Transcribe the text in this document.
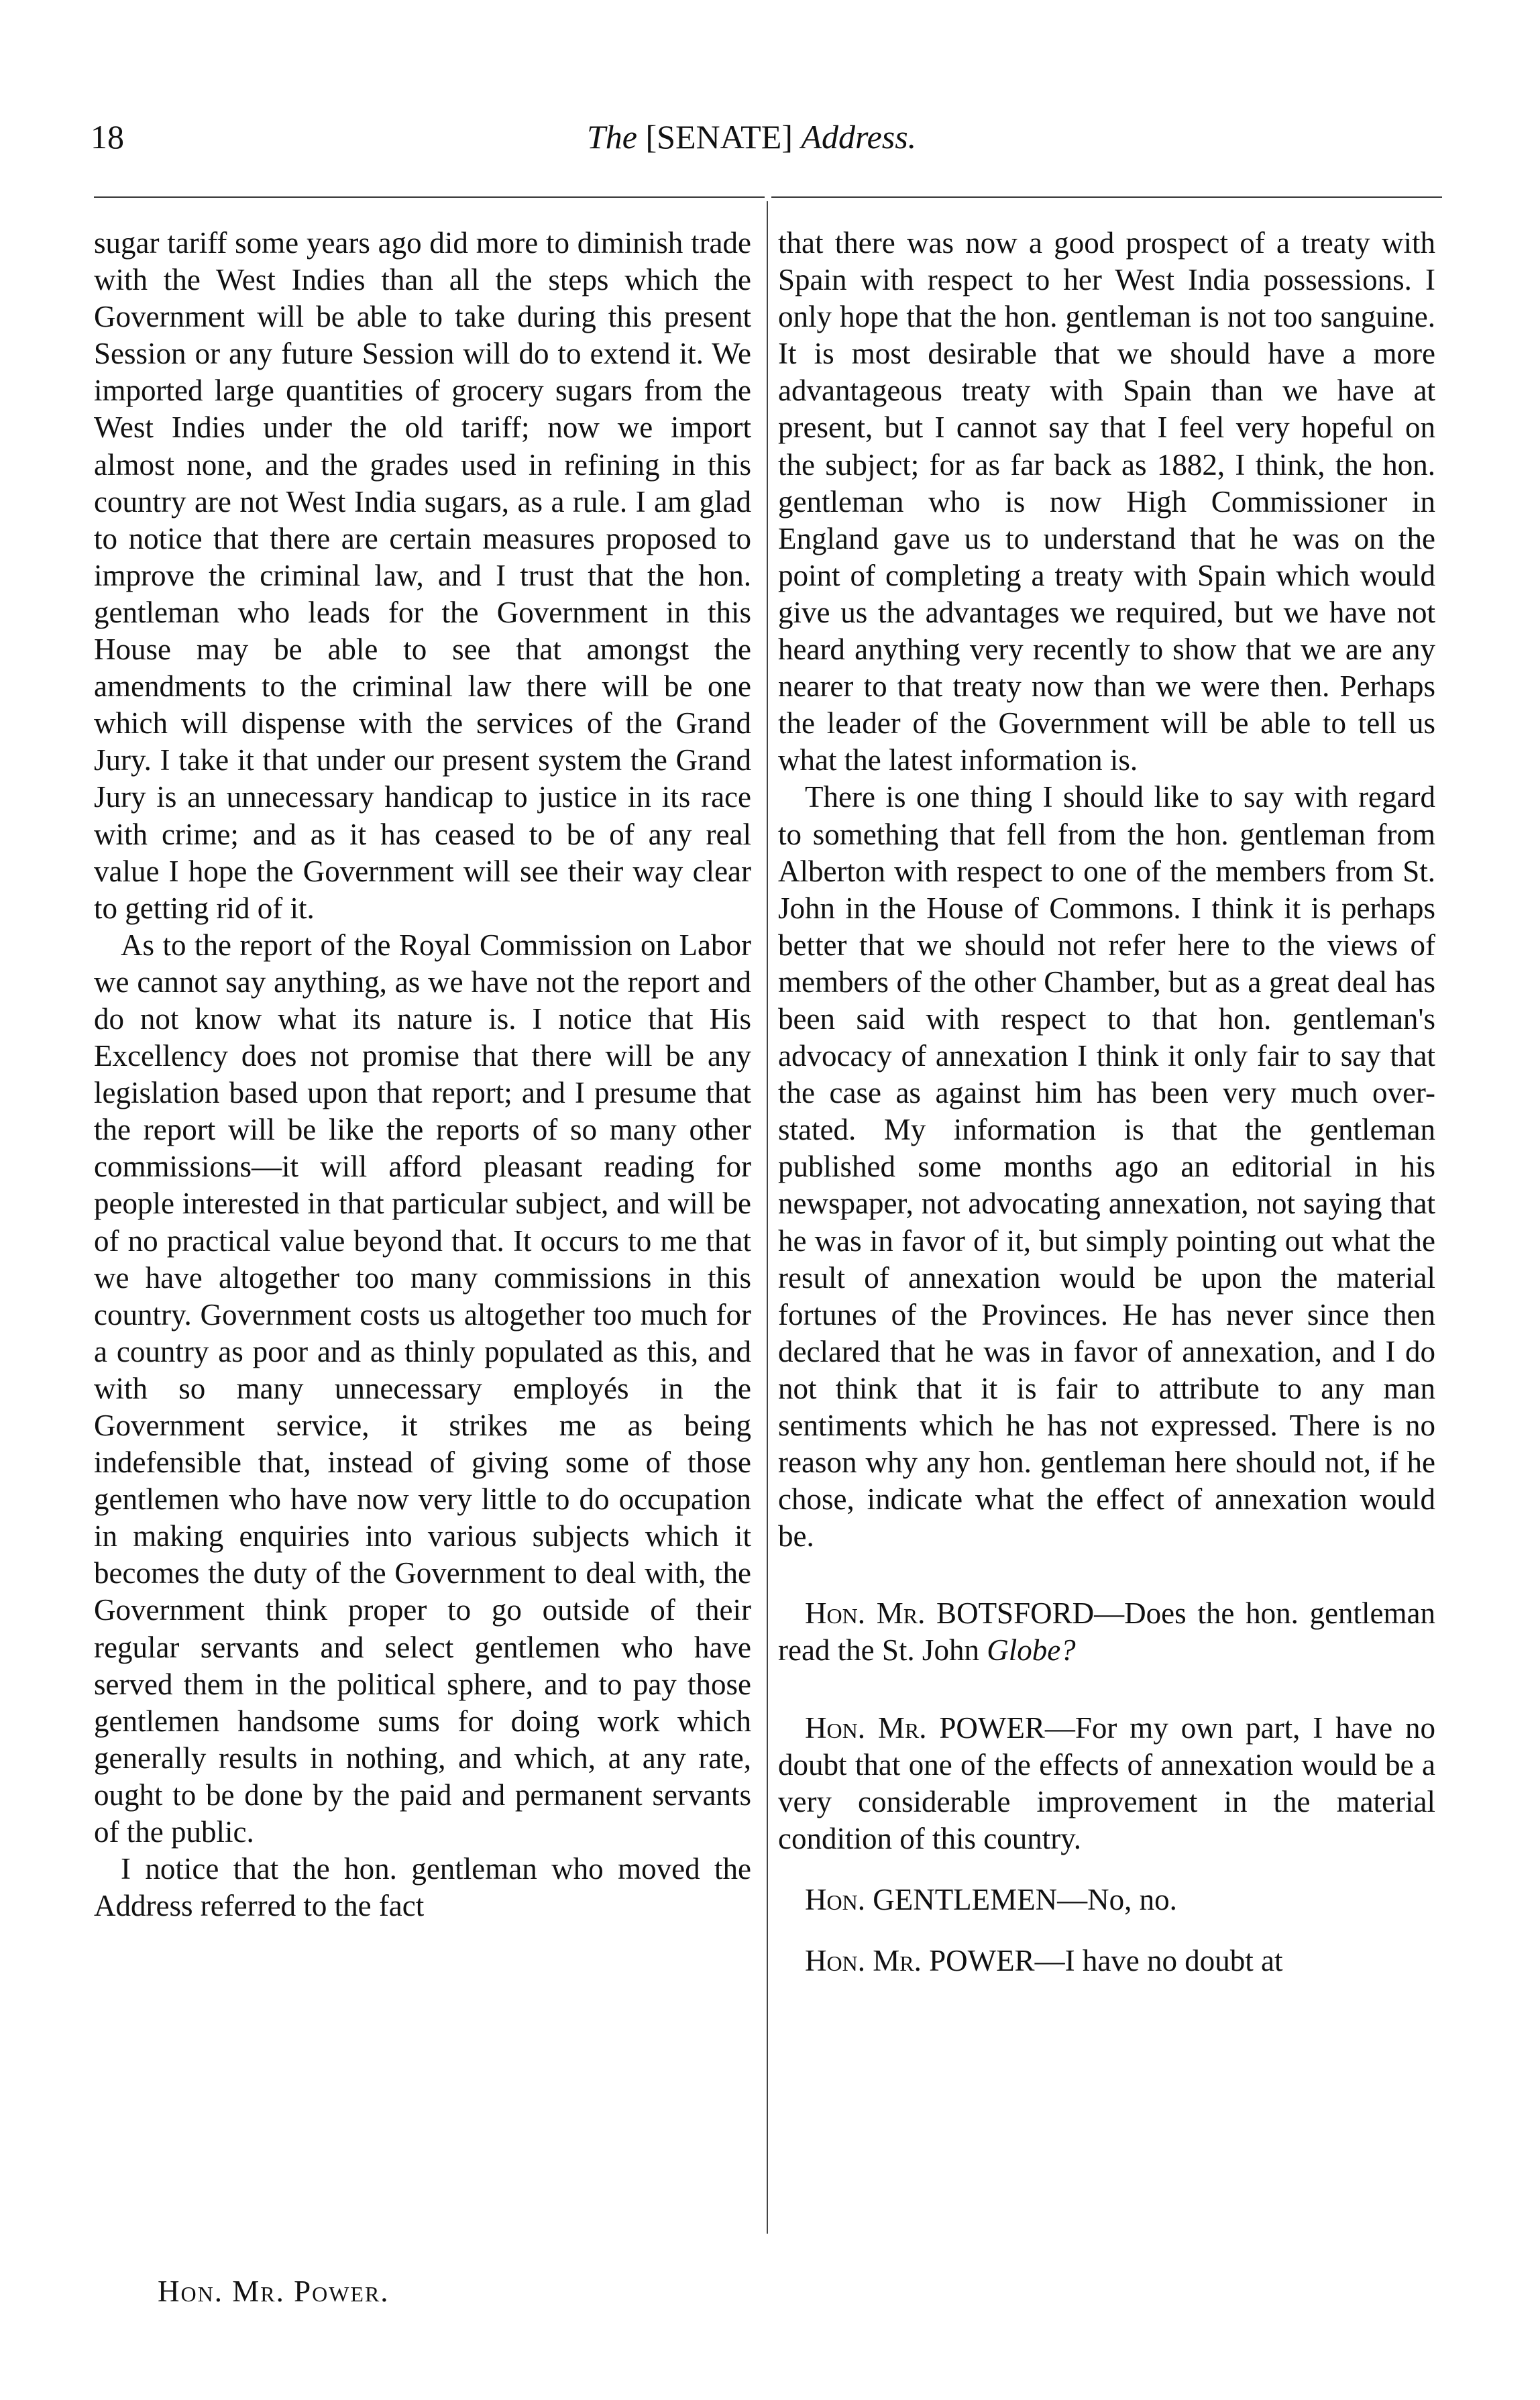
18	The [SENATE] Address.

sugar tariff some years ago did more to diminish trade with the West Indies than all the steps which the Government will be able to take during this present Session or any future Session will do to extend it. We imported large quantities of grocery sugars from the West Indies under the old tariff; now we import almost none, and the grades used in refining in this country are not West India sugars, as a rule. I am glad to notice that there are certain measures proposed to improve the criminal law, and I trust that the hon. gentleman who leads for the Government in this House may be able to see that amongst the amendments to the criminal law there will be one which will dispense with the services of the Grand Jury. I take it that under our present system the Grand Jury is an unnecessary handicap to justice in its race with crime; and as it has ceased to be of any real value I hope the Government will see their way clear to getting rid of it.

As to the report of the Royal Commission on Labor we cannot say anything, as we have not the report and do not know what its nature is. I notice that His Excellency does not promise that there will be any legislation based upon that report; and I presume that the report will be like the reports of so many other commissions—it will afford pleasant reading for people interested in that particular subject, and will be of no practical value beyond that. It occurs to me that we have altogether too many commissions in this country. Government costs us altogether too much for a country as poor and as thinly populated as this, and with so many unnecessary employés in the Government service, it strikes me as being indefensible that, instead of giving some of those gentlemen who have now very little to do occupation in making enquiries into various subjects which it becomes the duty of the Government to deal with, the Government think proper to go outside of their regular servants and select gentlemen who have served them in the political sphere, and to pay those gentlemen handsome sums for doing work which generally results in nothing, and which, at any rate, ought to be done by the paid and permanent servants of the public.

I notice that the hon. gentleman who moved the Address referred to the fact

that there was now a good prospect of a treaty with Spain with respect to her West India possessions. I only hope that the hon. gentleman is not too sanguine. It is most desirable that we should have a more advantageous treaty with Spain than we have at present, but I cannot say that I feel very hopeful on the subject; for as far back as 1882, I think, the hon. gentleman who is now High Commissioner in England gave us to understand that he was on the point of completing a treaty with Spain which would give us the advantages we required, but we have not heard anything very recently to show that we are any nearer to that treaty now than we were then. Perhaps the leader of the Government will be able to tell us what the latest information is.

There is one thing I should like to say with regard to something that fell from the hon. gentleman from Alberton with respect to one of the members from St. John in the House of Commons. I think it is perhaps better that we should not refer here to the views of members of the other Chamber, but as a great deal has been said with respect to that hon. gentleman's advocacy of annexation I think it only fair to say that the case as against him has been very much over-stated. My information is that the gentleman published some months ago an editorial in his newspaper, not advocating annexation, not saying that he was in favor of it, but simply pointing out what the result of annexation would be upon the material fortunes of the Provinces. He has never since then declared that he was in favor of annexation, and I do not think that it is fair to attribute to any man sentiments which he has not expressed. There is no reason why any hon. gentleman here should not, if he chose, indicate what the effect of annexation would be.

Hon. Mr. BOTSFORD—Does the hon. gentleman read the St. John Globe?

Hon. Mr. POWER—For my own part, I have no doubt that one of the effects of annexation would be a very considerable improvement in the material condition of this country.

Hon. GENTLEMEN—No, no.

Hon. Mr. POWER—I have no doubt at

Hon. Mr. Power.
